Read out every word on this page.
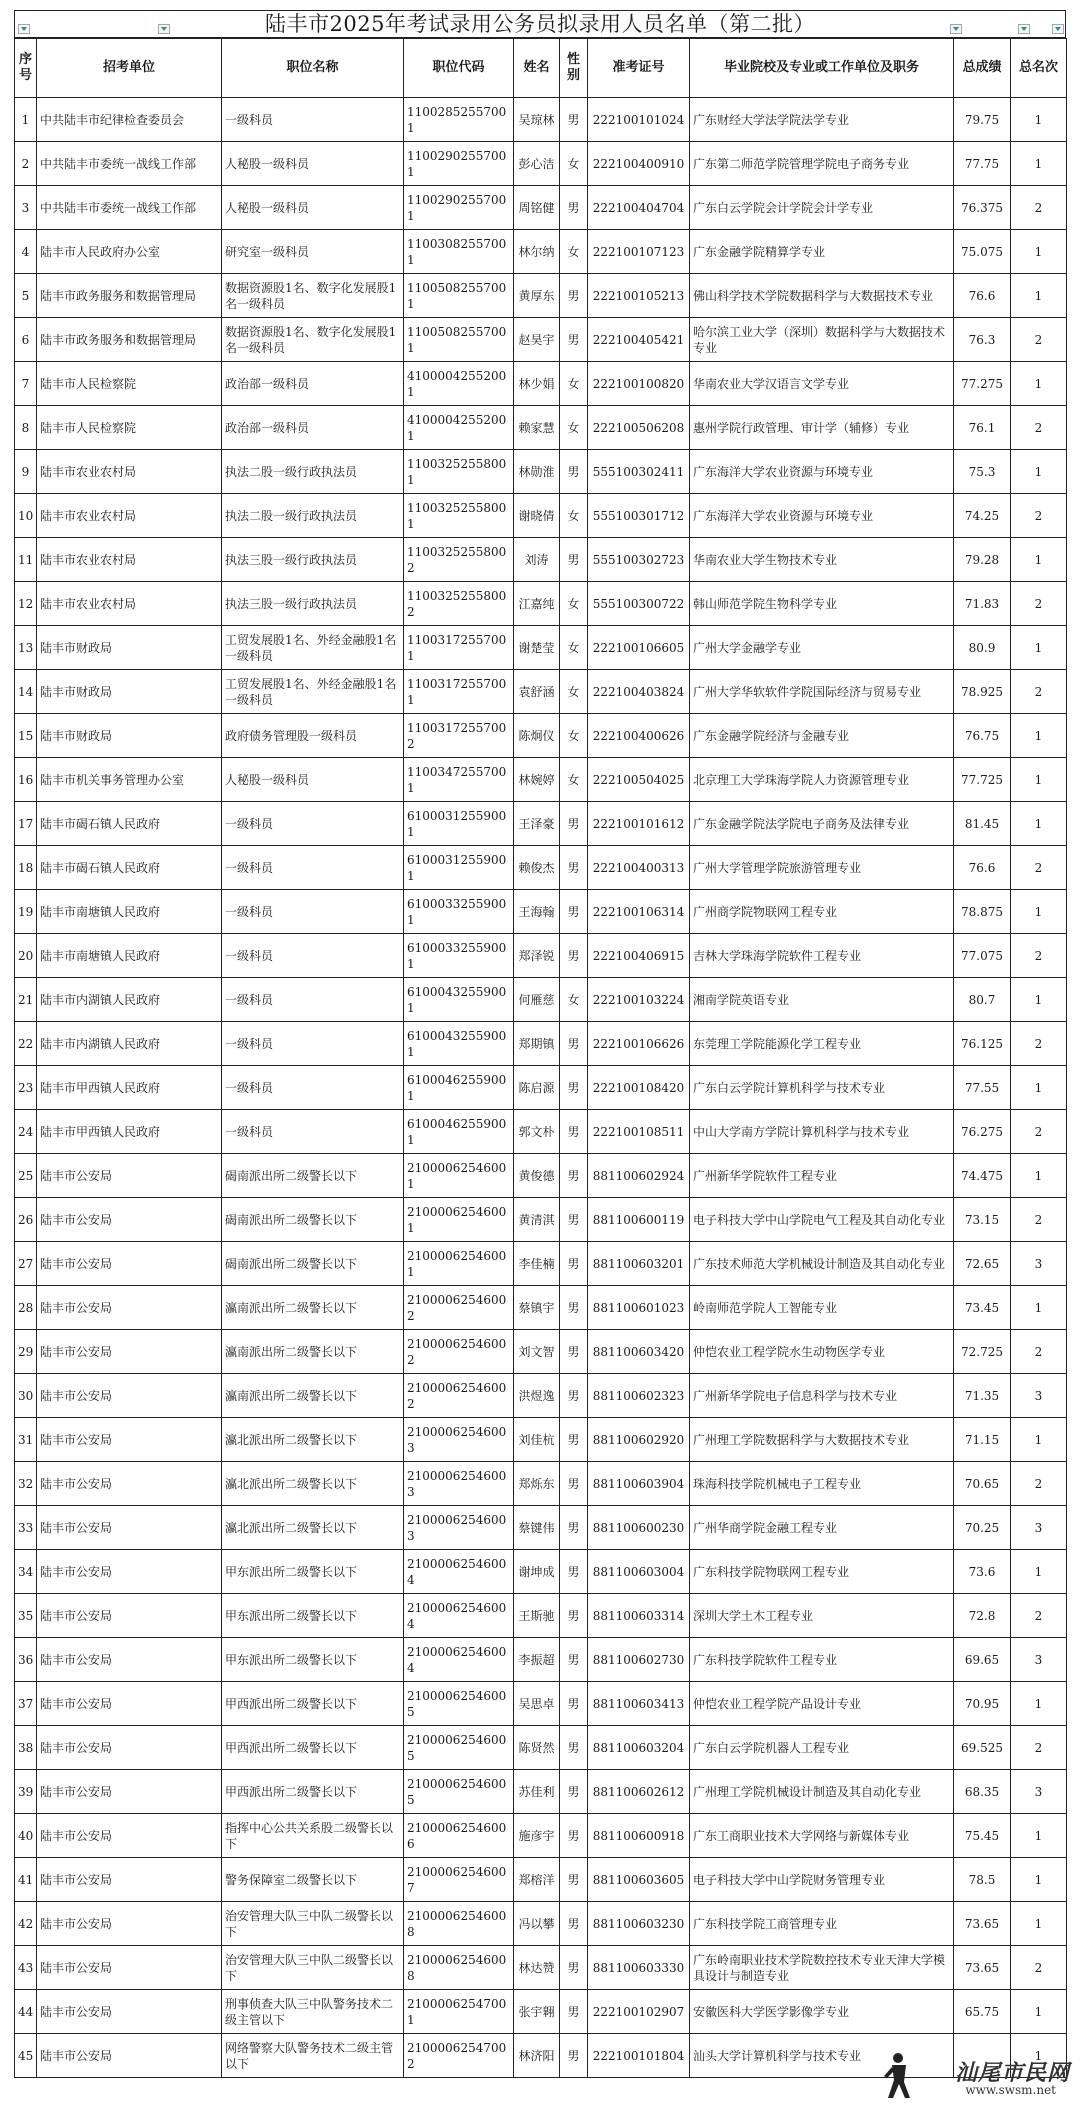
陆丰市2025年考试录用公务员拟录用人员名单（第二批）
序号	招考单位	职位名称	职位代码	姓名	性别	准考证号	毕业院校及专业或工作单位及职务	总成绩	总名次
1	中共陆丰市纪律检查委员会	一级科员	11002852557001	吴琼林	男	222100101024	广东财经大学法学院法学专业	79.75	1
2	中共陆丰市委统一战线工作部	人秘股一级科员	11002902557001	彭心洁	女	222100400910	广东第二师范学院管理学院电子商务专业	77.75	1
3	中共陆丰市委统一战线工作部	人秘股一级科员	11002902557001	周铭健	男	222100404704	广东白云学院会计学院会计学专业	76.375	2
4	陆丰市人民政府办公室	研究室一级科员	11003082557001	林尔纳	女	222100107123	广东金融学院精算学专业	75.075	1
5	陆丰市政务服务和数据管理局	数据资源股1名、数字化发展股1名一级科员	11005082557001	黄厚东	男	222100105213	佛山科学技术学院数据科学与大数据技术专业	76.6	1
6	陆丰市政务服务和数据管理局	数据资源股1名、数字化发展股1名一级科员	11005082557001	赵昊宇	男	222100405421	哈尔滨工业大学（深圳）数据科学与大数据技术专业	76.3	2
7	陆丰市人民检察院	政治部一级科员	41000042552001	林少娟	女	222100100820	华南农业大学汉语言文学专业	77.275	1
8	陆丰市人民检察院	政治部一级科员	41000042552001	赖家慧	女	222100506208	惠州学院行政管理、审计学（辅修）专业	76.1	2
9	陆丰市农业农村局	执法二股一级行政执法员	11003252558001	林勋淮	男	555100302411	广东海洋大学农业资源与环境专业	75.3	1
10	陆丰市农业农村局	执法二股一级行政执法员	11003252558001	谢晓倩	女	555100301712	广东海洋大学农业资源与环境专业	74.25	2
11	陆丰市农业农村局	执法三股一级行政执法员	11003252558002	刘涛	男	555100302723	华南农业大学生物技术专业	79.28	1
12	陆丰市农业农村局	执法三股一级行政执法员	11003252558002	江嘉纯	女	555100300722	韩山师范学院生物科学专业	71.83	2
13	陆丰市财政局	工贸发展股1名、外经金融股1名一级科员	11003172557001	谢楚莹	女	222100106605	广州大学金融学专业	80.9	1
14	陆丰市财政局	工贸发展股1名、外经金融股1名一级科员	11003172557001	袁舒涵	女	222100403824	广州大学华软软件学院国际经济与贸易专业	78.925	2
15	陆丰市财政局	政府债务管理股一级科员	11003172557002	陈炯仪	女	222100400626	广东金融学院经济与金融专业	76.75	1
16	陆丰市机关事务管理办公室	人秘股一级科员	11003472557001	林婉婷	女	222100504025	北京理工大学珠海学院人力资源管理专业	77.725	1
17	陆丰市碣石镇人民政府	一级科员	61000312559001	王泽豪	男	222100101612	广东金融学院法学院电子商务及法律专业	81.45	1
18	陆丰市碣石镇人民政府	一级科员	61000312559001	赖俊杰	男	222100400313	广州大学管理学院旅游管理专业	76.6	2
19	陆丰市南塘镇人民政府	一级科员	61000332559001	王海翰	男	222100106314	广州商学院物联网工程专业	78.875	1
20	陆丰市南塘镇人民政府	一级科员	61000332559001	郑泽锐	男	222100406915	吉林大学珠海学院软件工程专业	77.075	2
21	陆丰市内湖镇人民政府	一级科员	61000432559001	何雁慈	女	222100103224	湘南学院英语专业	80.7	1
22	陆丰市内湖镇人民政府	一级科员	61000432559001	郑期镇	男	222100106626	东莞理工学院能源化学工程专业	76.125	2
23	陆丰市甲西镇人民政府	一级科员	61000462559001	陈启源	男	222100108420	广东白云学院计算机科学与技术专业	77.55	1
24	陆丰市甲西镇人民政府	一级科员	61000462559001	郭文朴	男	222100108511	中山大学南方学院计算机科学与技术专业	76.275	2
25	陆丰市公安局	碣南派出所二级警长以下	21000062546001	黄俊德	男	881100602924	广州新华学院软件工程专业	74.475	1
26	陆丰市公安局	碣南派出所二级警长以下	21000062546001	黄清淇	男	881100600119	电子科技大学中山学院电气工程及其自动化专业	73.15	2
27	陆丰市公安局	碣南派出所二级警长以下	21000062546001	李佳楠	男	881100603201	广东技术师范大学机械设计制造及其自动化专业	72.65	3
28	陆丰市公安局	瀛南派出所二级警长以下	21000062546002	蔡镇宇	男	881100601023	岭南师范学院人工智能专业	73.45	1
29	陆丰市公安局	瀛南派出所二级警长以下	21000062546002	刘文智	男	881100603420	仲恺农业工程学院水生动物医学专业	72.725	2
30	陆丰市公安局	瀛南派出所二级警长以下	21000062546002	洪煜逸	男	881100602323	广州新华学院电子信息科学与技术专业	71.35	3
31	陆丰市公安局	瀛北派出所二级警长以下	21000062546003	刘佳杭	男	881100602920	广州理工学院数据科学与大数据技术专业	71.15	1
32	陆丰市公安局	瀛北派出所二级警长以下	21000062546003	郑烁东	男	881100603904	珠海科技学院机械电子工程专业	70.65	2
33	陆丰市公安局	瀛北派出所二级警长以下	21000062546003	蔡键伟	男	881100600230	广州华商学院金融工程专业	70.25	3
34	陆丰市公安局	甲东派出所二级警长以下	21000062546004	谢坤成	男	881100603004	广东科技学院物联网工程专业	73.6	1
35	陆丰市公安局	甲东派出所二级警长以下	21000062546004	王斯驰	男	881100603314	深圳大学土木工程专业	72.8	2
36	陆丰市公安局	甲东派出所二级警长以下	21000062546004	李振超	男	881100602730	广东科技学院软件工程专业	69.65	3
37	陆丰市公安局	甲西派出所二级警长以下	21000062546005	吴思卓	男	881100603413	仲恺农业工程学院产品设计专业	70.95	1
38	陆丰市公安局	甲西派出所二级警长以下	21000062546005	陈贤然	男	881100603204	广东白云学院机器人工程专业	69.525	2
39	陆丰市公安局	甲西派出所二级警长以下	21000062546005	苏佳利	男	881100602612	广州理工学院机械设计制造及其自动化专业	68.35	3
40	陆丰市公安局	指挥中心公共关系股二级警长以下	21000062546006	施彦宇	男	881100600918	广东工商职业技术大学网络与新媒体专业	75.45	1
41	陆丰市公安局	警务保障室二级警长以下	21000062546007	郑榕洋	男	881100603605	电子科技大学中山学院财务管理专业	78.5	1
42	陆丰市公安局	治安管理大队三中队二级警长以下	21000062546008	冯以攀	男	881100603230	广东科技学院工商管理专业	73.65	1
43	陆丰市公安局	治安管理大队三中队二级警长以下	21000062546008	林达赞	男	881100603330	广东岭南职业技术学院数控技术专业天津大学模具设计与制造专业	73.65	2
44	陆丰市公安局	刑事侦查大队三中队警务技术二级主管以下	21000062547001	张宇翱	男	222100102907	安徽医科大学医学影像学专业	65.75	1
45	陆丰市公安局	网络警察大队警务技术二级主管以下	21000062547002	林济阳	男	222100101804	汕头大学计算机科学与技术专业		1
汕尾市民网
www.swsm.net
